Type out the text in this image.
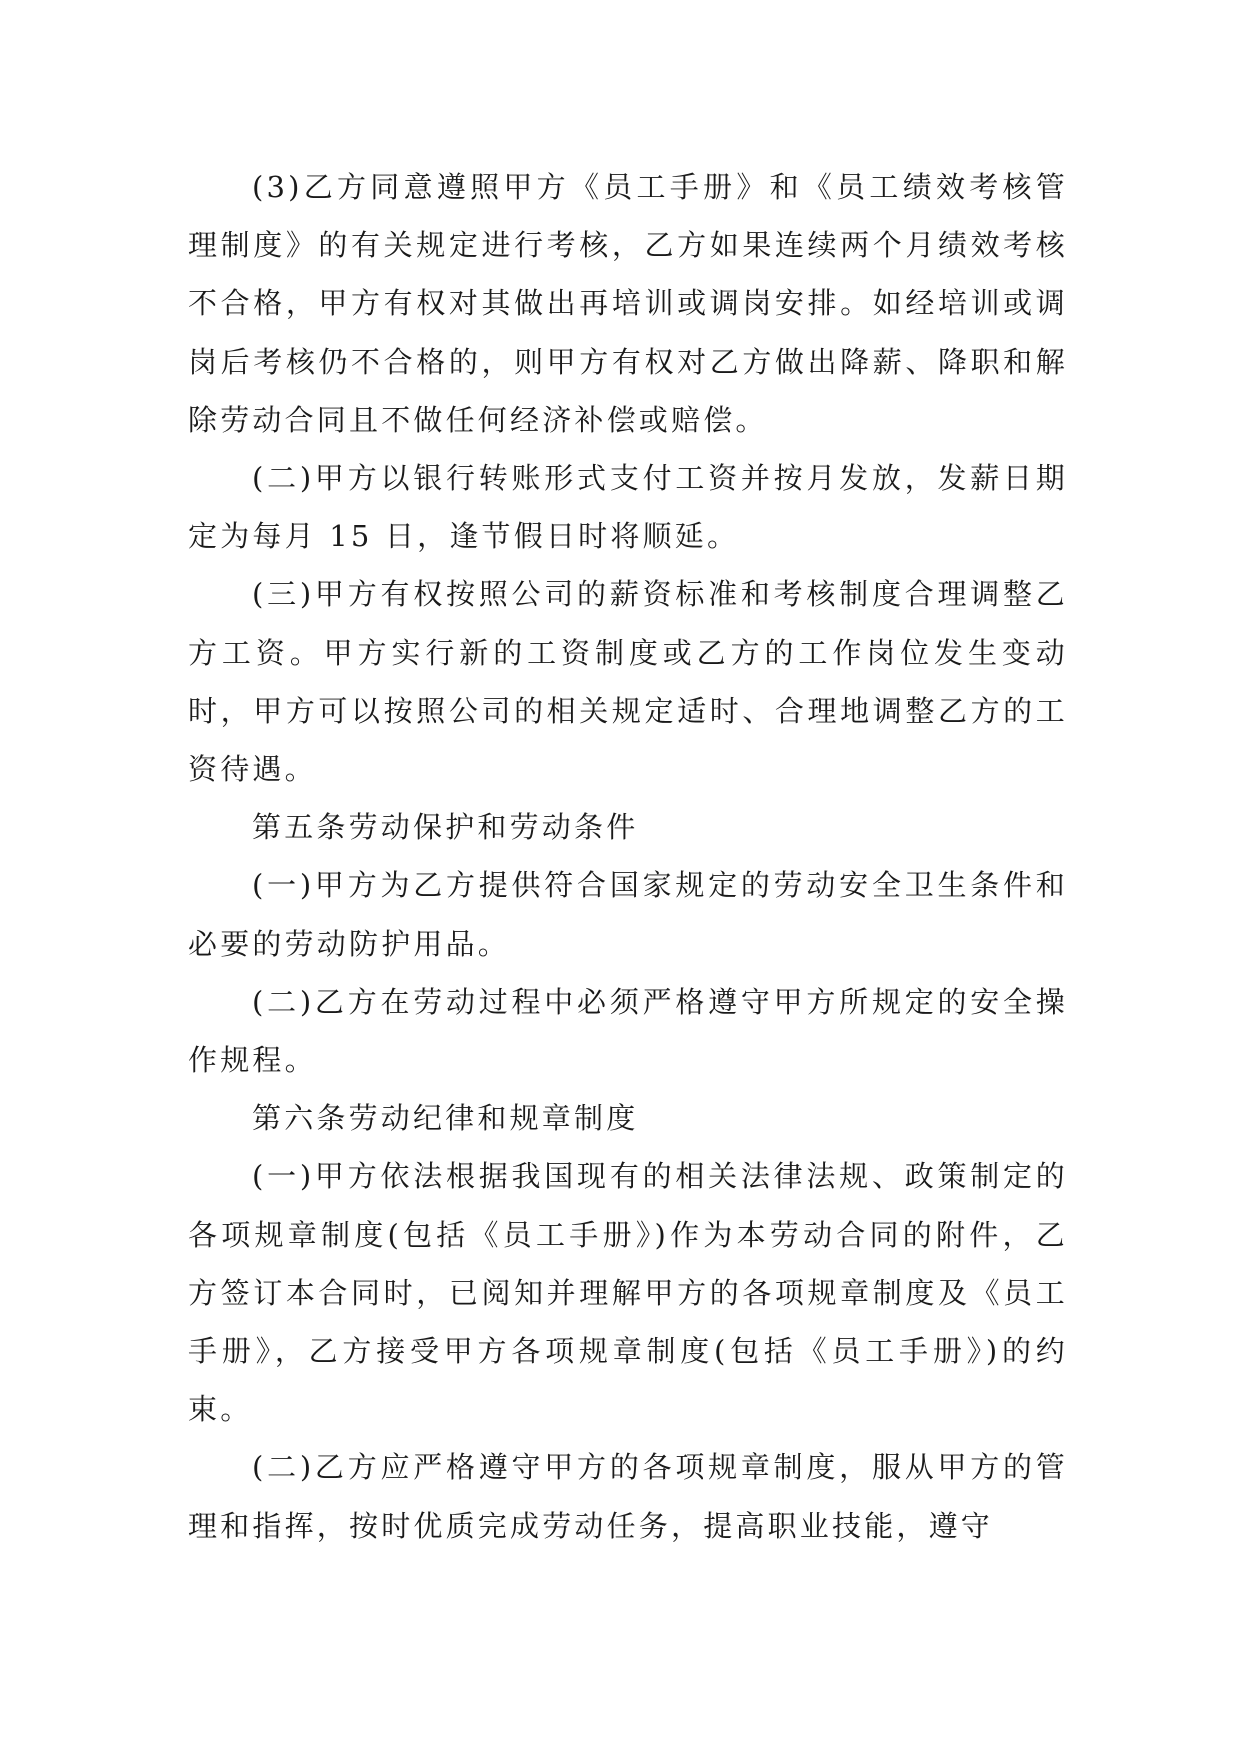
(3)乙方同意遵照甲方《员工手册》和《员工绩效考核管理制度》的有关规定进行考核，乙方如果连续两个月绩效考核不合格，甲方有权对其做出再培训或调岗安排。如经培训或调岗后考核仍不合格的，则甲方有权对乙方做出降薪、降职和解除劳动合同且不做任何经济补偿或赔偿。

(二)甲方以银行转账形式支付工资并按月发放，发薪日期定为每月 15 日，逢节假日时将顺延。

(三)甲方有权按照公司的薪资标准和考核制度合理调整乙方工资。甲方实行新的工资制度或乙方的工作岗位发生变动时，甲方可以按照公司的相关规定适时、合理地调整乙方的工资待遇。

第五条劳动保护和劳动条件

(一)甲方为乙方提供符合国家规定的劳动安全卫生条件和必要的劳动防护用品。

(二)乙方在劳动过程中必须严格遵守甲方所规定的安全操作规程。

第六条劳动纪律和规章制度

(一)甲方依法根据我国现有的相关法律法规、政策制定的各项规章制度(包括《员工手册》)作为本劳动合同的附件，乙方签订本合同时，已阅知并理解甲方的各项规章制度及《员工手册》，乙方接受甲方各项规章制度(包括《员工手册》)的约束。

(二)乙方应严格遵守甲方的各项规章制度，服从甲方的管理和指挥，按时优质完成劳动任务，提高职业技能，遵守
